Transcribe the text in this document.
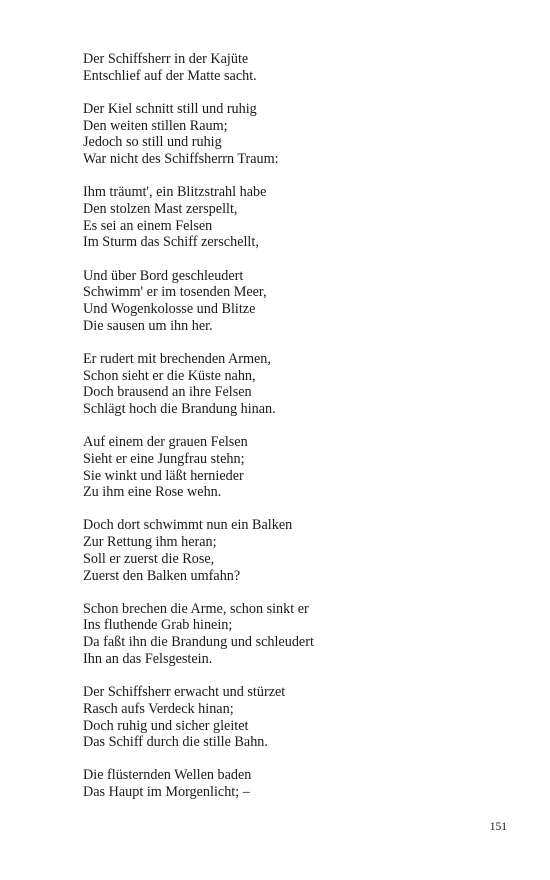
Der Schiffsherr in der Kajüte
Entschlief auf der Matte sacht.
Der Kiel schnitt still und ruhig
Den weiten stillen Raum;
Jedoch so still und ruhig
War nicht des Schiffsherrn Traum:
Ihm träumt', ein Blitzstrahl habe
Den stolzen Mast zerspellt,
Es sei an einem Felsen
Im Sturm das Schiff zerschellt,
Und über Bord geschleudert
Schwimm' er im tosenden Meer,
Und Wogenkolosse und Blitze
Die sausen um ihn her.
Er rudert mit brechenden Armen,
Schon sieht er die Küste nahn,
Doch brausend an ihre Felsen
Schlägt hoch die Brandung hinan.
Auf einem der grauen Felsen
Sieht er eine Jungfrau stehn;
Sie winkt und läßt hernieder
Zu ihm eine Rose wehn.
Doch dort schwimmt nun ein Balken
Zur Rettung ihm heran;
Soll er zuerst die Rose,
Zuerst den Balken umfahn?
Schon brechen die Arme, schon sinkt er
Ins fluthende Grab hinein;
Da faßt ihn die Brandung und schleudert
Ihn an das Felsgestein.
Der Schiffsherr erwacht und stürzet
Rasch aufs Verdeck hinan;
Doch ruhig und sicher gleitet
Das Schiff durch die stille Bahn.
Die flüsternden Wellen baden
Das Haupt im Morgenlicht; –
151
